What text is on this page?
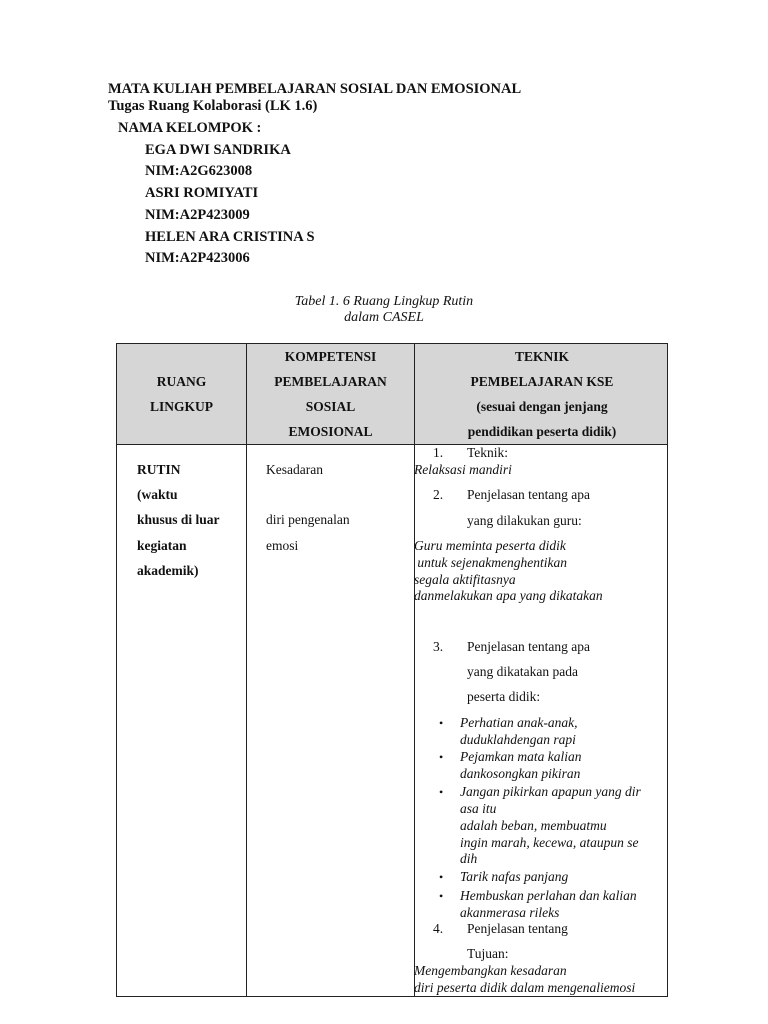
MATA KULIAH PEMBELAJARAN SOSIAL DAN EMOSIONAL
Tugas Ruang Kolaborasi (LK 1.6)
NAMA KELOMPOK :
EGA DWI SANDRIKA
NIM:A2G623008
ASRI ROMIYATI
NIM:A2P423009
HELEN ARA CRISTINA S
NIM:A2P423006
Tabel 1. 6 Ruang Lingkup Rutin
dalam CASEL
RUANG
LINGKUP
KOMPETENSI
PEMBELAJARAN
SOSIAL
EMOSIONAL
TEKNIK
PEMBELAJARAN KSE
(sesuai dengan jenjang
pendidikan peserta didik)
RUTIN
(waktu
khusus di luar
kegiatan
akademik)
Kesadaran
diri pengenalan
emosi
1. Teknik:
Relaksasi mandiri
2. Penjelasan tentang apa
yang dilakukan guru:
Guru meminta peserta didik
untuk sejenakmenghentikan
segala aktifitasnya
danmelakukan apa yang dikatakan
3. Penjelasan tentang apa
yang dikatakan pada
peserta didik:
• Perhatian anak-anak,
duduklahdengan rapi
• Pejamkan mata kalian
dankosongkan pikiran
• Jangan pikirkan apapun yang dir
asa itu
adalah beban, membuatmu
ingin marah, kecewa, ataupun se
dih
• Tarik nafas panjang
• Hembuskan perlahan dan kalian
akanmerasa rileks
4. Penjelasan tentang
Tujuan:
Mengembangkan kesadaran
diri peserta didik dalam mengenaliemosi
